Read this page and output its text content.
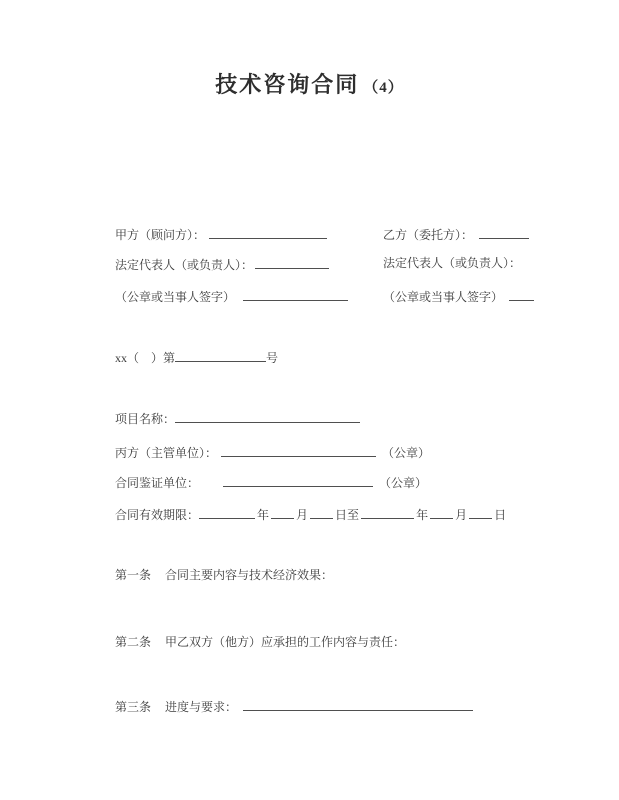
技术咨询合同 （4）
甲方（顾问方）：	乙方（委托方）：
法定代表人（或负责人）：	法定代表人（或负责人）：
（公章或当事人签字）	（公章或当事人签字）
xx（　）第	号
项目名称：
丙方（主管单位）：	（公章）
合同鉴证单位：	（公章）
合同有效期限：	年 月 日至	年 月 日
第一条 合同主要内容与技术经济效果：
第二条 甲乙双方（他方）应承担的工作内容与责任：
第三条 进度与要求：
